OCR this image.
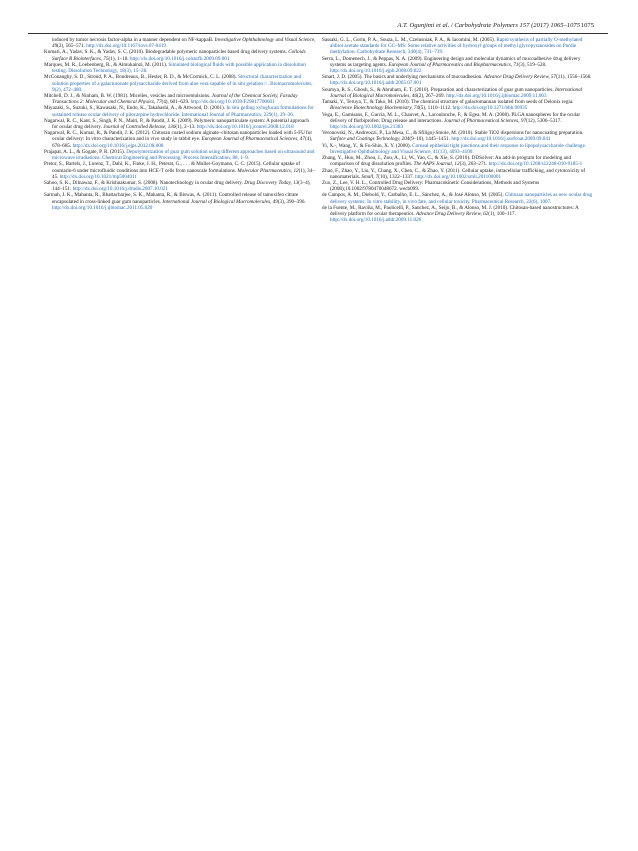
A.T. Ogunjimi et al. / Carbohydrate Polymers 157 (2017) 1065–1075 1075

induced by tumor necrosis factor-alpha in a manner dependent on NF-kappaB. Investigative Ophthalmology and Visual Science, 49(2), 565–571. http://dx.doi.org/10.1167/iovs.07-0419

Kumari, A., Yadav, S. K., & Yadav, S. C. (2010). Biodegradable polymeric nanoparticles based drug delivery systems. Colloids Surface B Biointerfaces, 75(1), 1–18. http://dx.doi.org/10.1016/j.colsurfb.2009.09.001

Marques, M. R., Loebenberg, R., & Almukainzi, M. (2011). Simulated biological fluids with possible application in dissolution testing. Dissolution Technology, 18(3), 15–28.

McConaughy, S. D., Stroud, P. A., Boudreaux, B., Hester, R. D., & McCormick, C. L. (2008). Structural characterization and solution properties of a galacturonate polysaccharide derived from aloe vera capable of in situ gelation☆. Biomacromolecules, 9(2), 472–480.

Mitchell, D. J., & Ninham, B. W. (1981). Micelles, vesicles and microemulsions. Journal of the Chemical Society, Faraday Transactions 2: Molecular and Chemical Physics, 77(4), 601–629. http://dx.doi.org/10.1039/F29817700601

Miyazaki, S., Suzuki, S., Kawasaki, N., Endo, K., Takahashi, A., & Attwood, D. (2001). In situ gelling xyloglucan formulations for sustained release ocular delivery of pilocarpine hydrochloride. International Journal of Pharmaceutics, 229(1), 29–36.

Nagarwal, R. C., Kant, S., Singh, P. N., Maiti, P., & Pandit, J. K. (2009). Polymeric nanoparticulate system: A potential approach for ocular drug delivery. Journal of Controlled Release, 136(1), 2–13. http://dx.doi.org/10.1016/j.jconrel.2008.12.018

Nagarwal, R. C., Kumar, R., & Pandit, J. K. (2012). Chitosan coated sodium alginate–chitosan nanoparticles loaded with 5-FU for ocular delivery: In vitro characterization and in vivo study in rabbit eye. European Journal of Pharmaceutical Sciences, 47(4), 678–685. http://dx.doi.org/10.1016/j.ejps.2012.08.008

Prajapat, A. L., & Gogate, P. R. (2015). Depolymerization of guar gum solution using different approaches based on ultrasound and microwave irradiations. Chemical Engineering and Processing: Process Intensification, 88, 1–9.

Pretor, S., Bartels, J., Lorenz, T., Dahl, K., Finke, J. H., Peterat, G., . . . & Muller-Goymann, C. C. (2015). Cellular uptake of coumarin-6 under microfluidic conditions into HCE-T cells from nanoscale formulations. Molecular Pharmaceutics, 12(1), 34–45. http://dx.doi.org/10.1021/mp500401t

Sahoo, S. K., Dilnawaz, F., & Krishnakumar, S. (2008). Nanotechnology in ocular drug delivery. Drug Discovery Today, 13(3–4), 144–151. http://dx.doi.org/10.1016/j.drudis.2007.10.021

Sarmah, J. K., Mahanta, R., Bhattacharjee, S. K., Mahanta, R., & Biswas, A. (2011). Controlled release of tamoxifen citrate encapsulated in cross-linked guar gum nanoparticles. International Journal of Biological Macromolecules, 49(3), 390–396. http://dx.doi.org/10.1016/j.ijbiomac.2011.05.020

Sassaki, G. L., Gorin, P. A., Souza, L. M., Czelusniak, P. A., & Iacomini, M. (2005). Rapid synthesis of partially O-methylated alditol acetate standards for GC–MS: Some relative activities of hydroxyl groups of methyl glycopyranosides on Purdie methylation. Carbohydrate Research, 340(4), 731–739.

Serra, L., Domenech, J., & Peppas, N. A. (2009). Engineering design and molecular dynamics of mucoadhesive drug delivery systems as targeting agents. European Journal of Pharmaceutics and Biopharmaceutics, 71(3), 519–528. http://dx.doi.org/10.1016/j.ejpb.2008.09.022

Smart, J. D. (2005). The basics and underlying mechanisms of mucoadhesion. Advance Drug Delivery Review, 57(11), 1556–1568. http://dx.doi.org/10.1016/j.addr.2005.07.001

Soumya, R. S., Ghosh, S., & Abraham, E. T. (2010). Preparation and characterization of guar gum nanoparticles. International Journal of Biological Macromolecules, 46(2), 267–269. http://dx.doi.org/10.1016/j.ijbiomac.2009.11.003

Tamaki, Y., Teruya, T., & Tako, M. (2010). The chemical structure of galactomannan isolated from seeds of Delonix regia. Bioscience Biotechnology Biochemistry, 74(5), 1110–1112. http://dx.doi.org/10.1271/bbb.90935

Vega, E., Gamisans, F., Garcia, M. L., Chauvet, A., Lacoulonche, F., & Egea, M. A. (2008). PLGA nanospheres for the ocular delivery of flurbiprofen: Drug release and interactions. Journal of Pharmaceutical Sciences, 97(12), 5306–5317. http://dx.doi.org/10.1002/jps.21383

Veronovski, N., Andreozzi, P., La Mesa, C., & Sfiligoj-Smole, M. (2010). Stable TiO2 dispersions for nanocoating preparation. Surface and Coatings Technology, 204(9–10), 1445–1451. http://dx.doi.org/10.1016/j.surfcoat.2009.09.041

Yi, X.-, Wang, Y., & Fu-Shin, X. Y. (2000). Corneal epithelial tight junctions and their response to lipopolysaccharide challenge. Investigative Ophthalmology and Visual Science, 41(13), 4093–4100.

Zhang, Y., Huo, M., Zhou, J., Zou, A., Li, W., Yao, C., & Xie, S. (2010). DDSolver: An add-in program for modeling and comparison of drug dissolution profiles. The AAPS Journal, 12(3), 263–271. http://dx.doi.org/10.1208/s12248-010-9185-1

Zhao, F., Zhao, Y., Liu, Y., Chang, X., Chen, C., & Zhao, Y. (2011). Cellular uptake, intracellular trafficking, and cytotoxicity of nanomaterials. Small, 7(10), 1322–1337. http://dx.doi.org/10.1002/smll.201100001

Zuo, Z., Lee, V. H. L., Controlled Drug Delivery: Pharmacokinetic Considerations, Methods and Systems (2008);10.1002/9780470048672. wecb099.

de Campos, A. M., Diebold, Y., Carbalho, E. L., Sánchez, A., & José Alonso, M. (2005). Chitosan nanoparticles as new ocular drug delivery systems: In vitro stability, in vivo fate, and cellular toxicity. Pharmaceutical Research, 22(6), 1007.

de la Fuente, M., Raviña, M., Paolicelli, P., Sanchez, A., Seijo, B., & Alonso, M. J. (2010). Chitosan-based nanostructures: A delivery platform for ocular therapeutics. Advance Drug Delivery Review, 62(1), 100–117. http://dx.doi.org/10.1016/j.addr.2009.11.026
